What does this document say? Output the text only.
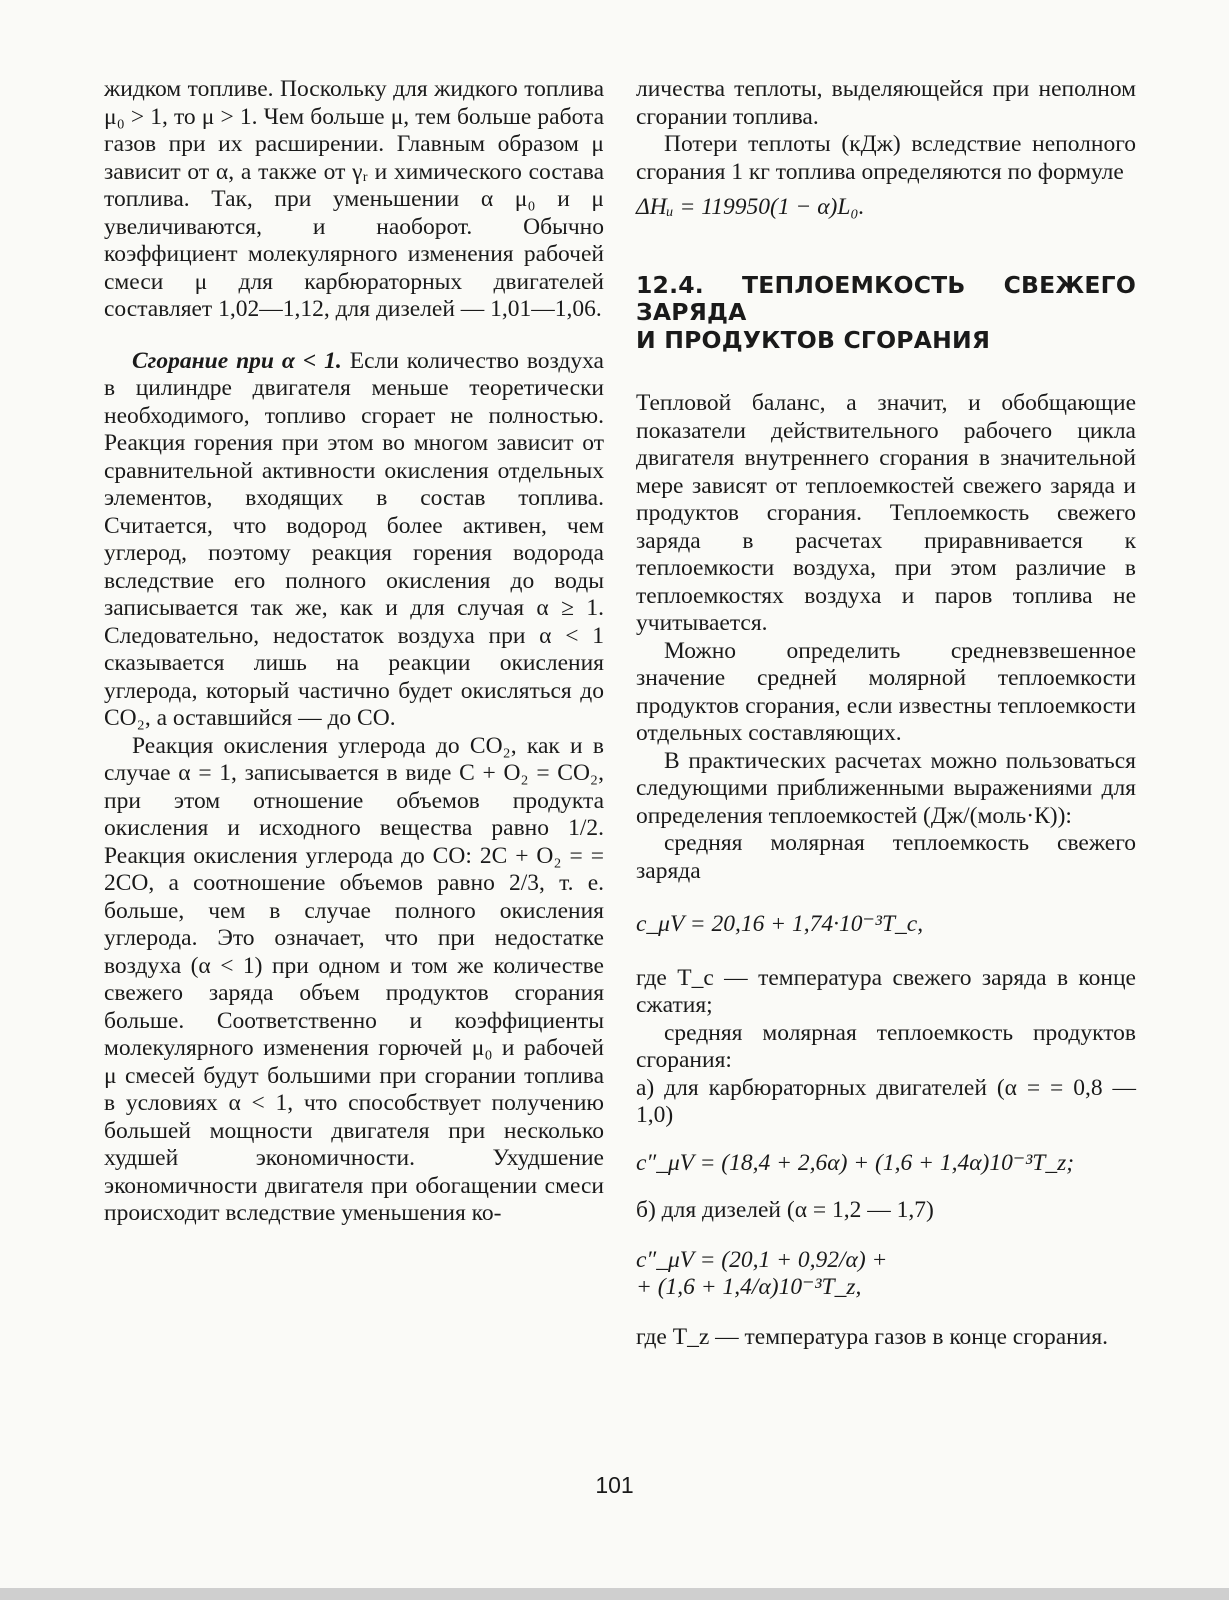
жидком топливе. Поскольку для жидкого топлива μ₀ > 1, то μ > 1. Чем больше μ, тем больше работа газов при их расширении. Главным образом μ зависит от α, а также от γᵣ и химического состава топлива. Так, при уменьшении α μ₀ и μ увеличиваются, и наоборот. Обычно коэффициент молекулярного изменения рабочей смеси μ для карбюраторных двигателей составляет 1,02—1,12, для дизелей — 1,01—1,06.

Сгорание при α < 1. Если количество воздуха в цилиндре двигателя меньше теоретически необходимого, топливо сгорает не полностью. Реакция горения при этом во многом зависит от сравнительной активности окисления отдельных элементов, входящих в состав топлива. Считается, что водород более активен, чем углерод, поэтому реакция горения водорода вследствие его полного окисления до воды записывается так же, как и для случая α ≥ 1. Следовательно, недостаток воздуха при α < 1 сказывается лишь на реакции окисления углерода, который частично будет окисляться до CO₂, а оставшийся — до CO.

Реакция окисления углерода до CO₂, как и в случае α = 1, записывается в виде C + O₂ = CO₂, при этом отношение объемов продукта окисления и исходного вещества равно 1/2. Реакция окисления углерода до CO: 2C + O₂ = = 2CO, а соотношение объемов равно 2/3, т. е. больше, чем в случае полного окисления углерода. Это означает, что при недостатке воздуха (α < 1) при одном и том же количестве свежего заряда объем продуктов сгорания больше. Соответственно и коэффициенты молекулярного изменения горючей μ₀ и рабочей μ смесей будут большими при сгорании топлива в условиях α < 1, что способствует получению большей мощности двигателя при несколько худшей экономичности. Ухудшение экономичности двигателя при обогащении смеси происходит вследствие уменьшения ко-

личества теплоты, выделяющейся при неполном сгорании топлива.

Потери теплоты (кДж) вследствие неполного сгорания 1 кг топлива определяются по формуле

ΔHᵤ = 119950(1 − α)L₀.

12.4. ТЕПЛОЕМКОСТЬ СВЕЖЕГО ЗАРЯДА

И ПРОДУКТОВ СГОРАНИЯ

Тепловой баланс, а значит, и обобщающие показатели действительного рабочего цикла двигателя внутреннего сгорания в значительной мере зависят от теплоемкостей свежего заряда и продуктов сгорания. Теплоемкость свежего заряда в расчетах приравнивается к теплоемкости воздуха, при этом различие в теплоемкостях воздуха и паров топлива не учитывается.

Можно определить средневзвешенное значение средней молярной теплоемкости продуктов сгорания, если известны теплоемкости отдельных составляющих.

В практических расчетах можно пользоваться следующими приближенными выражениями для определения теплоемкостей (Дж/(моль·К)):

средняя молярная теплоемкость свежего заряда

c_μV = 20,16 + 1,74·10⁻³T_c,

где T_c — температура свежего заряда в конце сжатия;

средняя молярная теплоемкость продуктов сгорания:

а) для карбюраторных двигателей (α = = 0,8 — 1,0)

c″_μV = (18,4 + 2,6α) + (1,6 + 1,4α)10⁻³T_z;

б) для дизелей (α = 1,2 — 1,7)

c″_μV = (20,1 + 0,92/α) +

+ (1,6 + 1,4/α)10⁻³T_z,

где T_z — температура газов в конце сгорания.

101
